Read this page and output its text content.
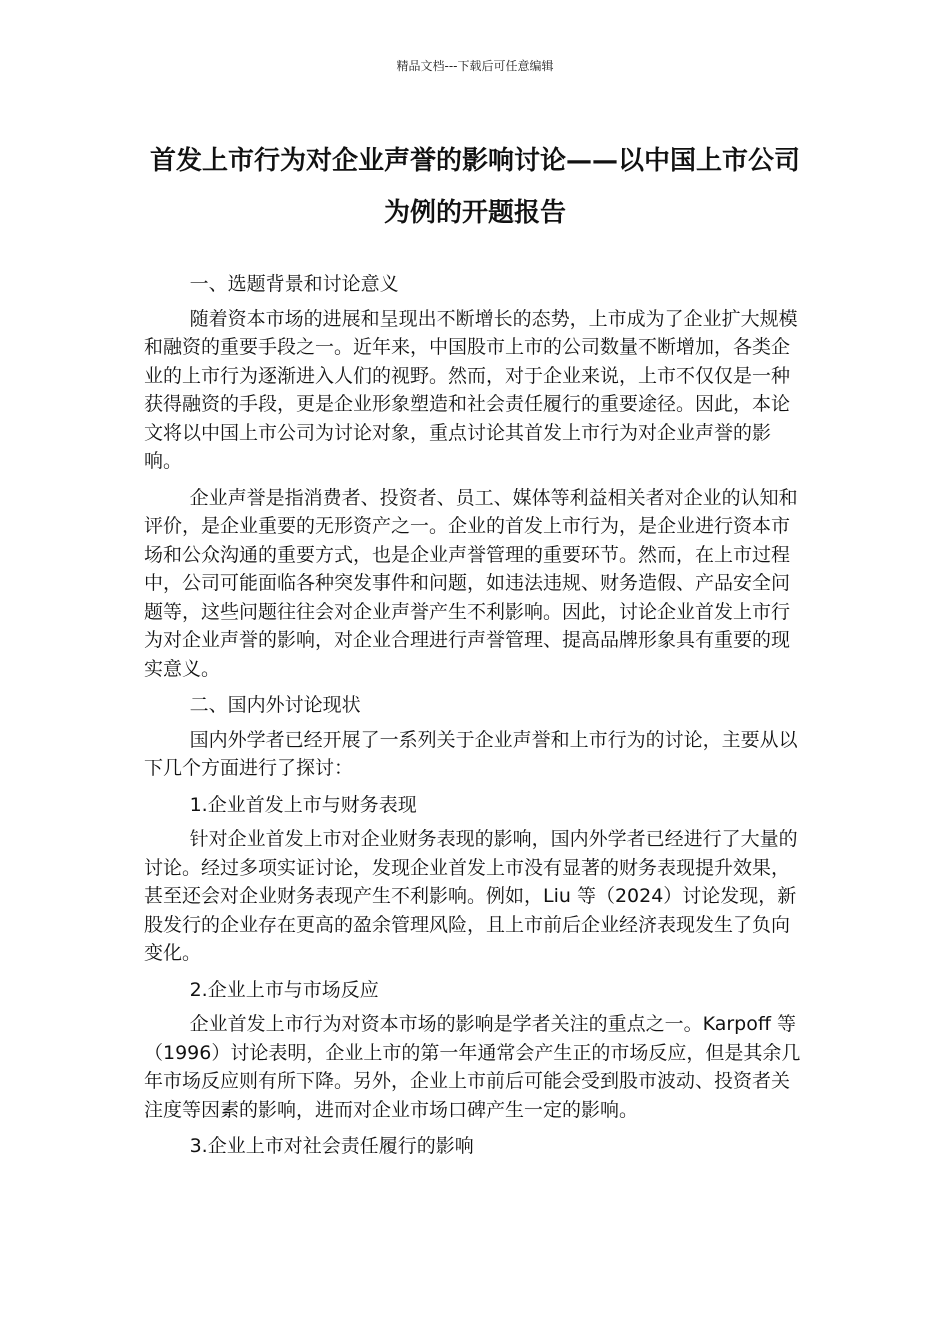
精品文档---下载后可任意编辑
首发上市行为对企业声誉的影响讨论——以中国上市公司为例的开题报告

一、选题背景和讨论意义

随着资本市场的进展和呈现出不断增长的态势，上市成为了企业扩大规模和融资的重要手段之一。近年来，中国股市上市的公司数量不断增加，各类企业的上市行为逐渐进入人们的视野。然而，对于企业来说，上市不仅仅是一种获得融资的手段，更是企业形象塑造和社会责任履行的重要途径。因此，本论文将以中国上市公司为讨论对象，重点讨论其首发上市行为对企业声誉的影响。

企业声誉是指消费者、投资者、员工、媒体等利益相关者对企业的认知和评价，是企业重要的无形资产之一。企业的首发上市行为，是企业进行资本市场和公众沟通的重要方式，也是企业声誉管理的重要环节。然而，在上市过程中，公司可能面临各种突发事件和问题，如违法违规、财务造假、产品安全问题等，这些问题往往会对企业声誉产生不利影响。因此，讨论企业首发上市行为对企业声誉的影响，对企业合理进行声誉管理、提高品牌形象具有重要的现实意义。

二、国内外讨论现状

国内外学者已经开展了一系列关于企业声誉和上市行为的讨论，主要从以下几个方面进行了探讨：

1.企业首发上市与财务表现

针对企业首发上市对企业财务表现的影响，国内外学者已经进行了大量的讨论。经过多项实证讨论，发现企业首发上市没有显著的财务表现提升效果，甚至还会对企业财务表现产生不利影响。例如，Liu 等（2024）讨论发现，新股发行的企业存在更高的盈余管理风险，且上市前后企业经济表现发生了负向变化。

2.企业上市与市场反应

企业首发上市行为对资本市场的影响是学者关注的重点之一。Karpoff 等（1996）讨论表明，企业上市的第一年通常会产生正的市场反应，但是其余几年市场反应则有所下降。另外，企业上市前后可能会受到股市波动、投资者关注度等因素的影响，进而对企业市场口碑产生一定的影响。

3.企业上市对社会责任履行的影响
